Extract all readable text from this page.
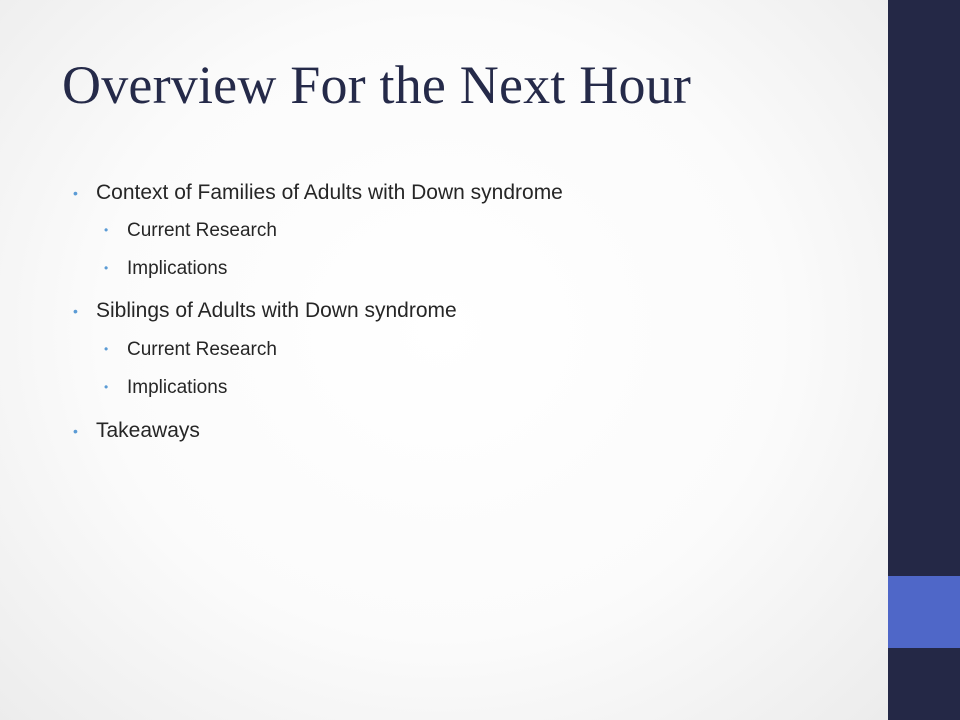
Overview For the Next Hour
• Context of Families of Adults with Down syndrome
• Current Research
• Implications
• Siblings of Adults with Down syndrome
• Current Research
• Implications
• Takeaways
